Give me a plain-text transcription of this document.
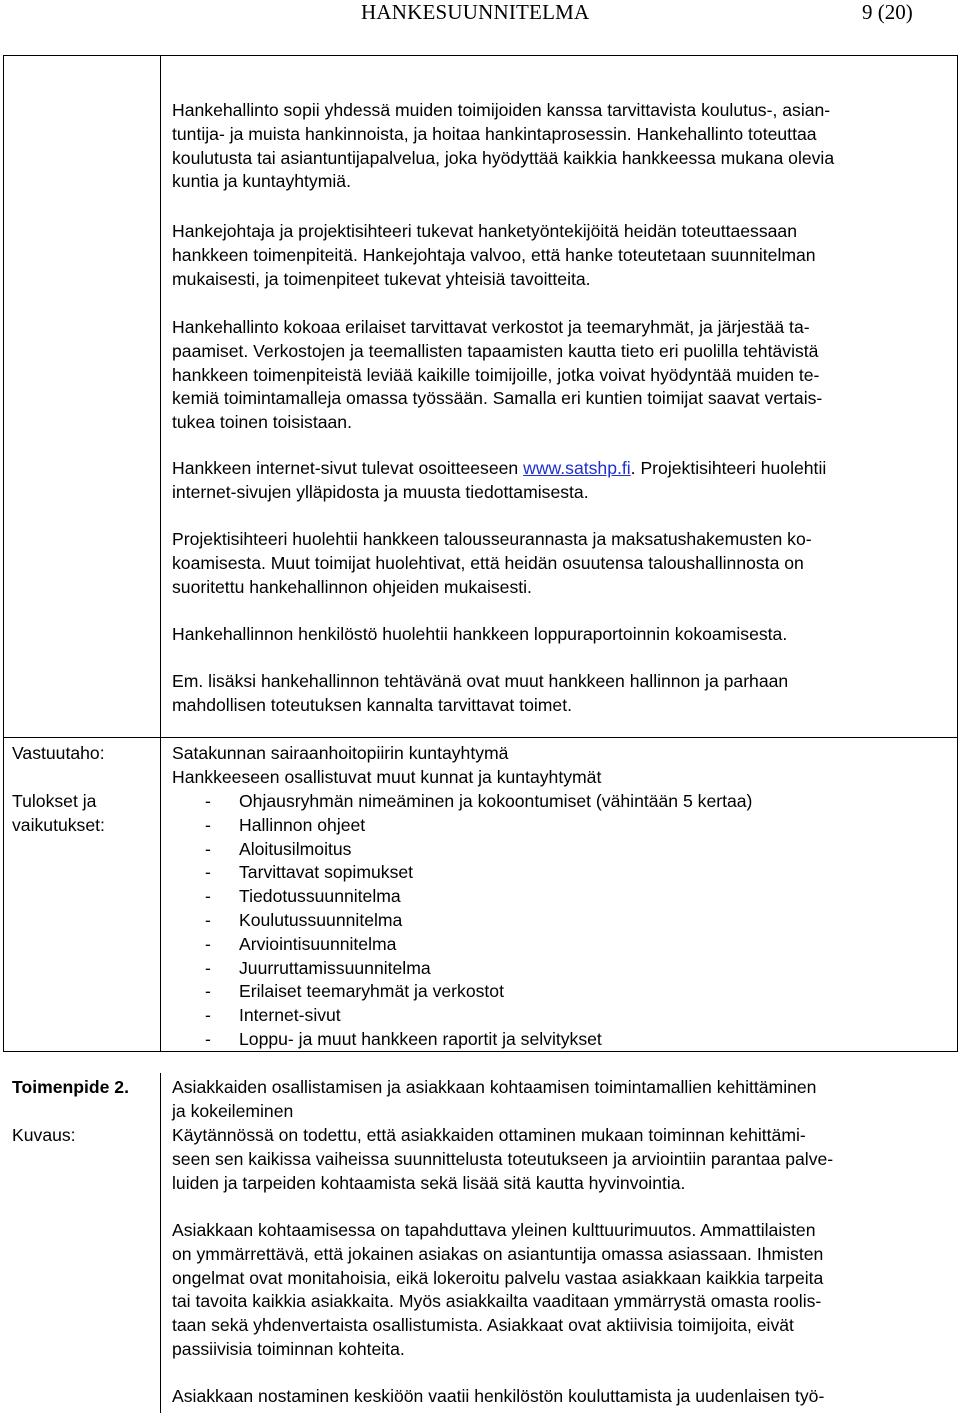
HANKESUUNNITELMA	9 (20)
Hankehallinto sopii yhdessä muiden toimijoiden kanssa tarvittavista koulutus-, asian-
tuntija- ja muista hankinnoista, ja hoitaa hankintaprosessin. Hankehallinto toteuttaa
koulutusta tai asiantuntijapalvelua, joka hyödyttää kaikkia hankkeessa mukana olevia
kuntia ja kuntayhtymiä.
Hankejohtaja ja projektisihteeri tukevat hanketyöntekijöitä heidän toteuttaessaan
hankkeen toimenpiteitä. Hankejohtaja valvoo, että hanke toteutetaan suunnitelman
mukaisesti, ja toimenpiteet tukevat yhteisiä tavoitteita.
Hankehallinto kokoaa erilaiset tarvittavat verkostot ja teemaryhmät, ja järjestää ta-
paamiset. Verkostojen ja teemallisten tapaamisten kautta tieto eri puolilla tehtävistä
hankkeen toimenpiteistä leviää kaikille toimijoille, jotka voivat hyödyntää muiden te-
kemiä toimintamalleja omassa työssään. Samalla eri kuntien toimijat saavat vertais-
tukea toinen toisistaan.
Hankkeen internet-sivut tulevat osoitteeseen www.satshp.fi. Projektisihteeri huolehtii
internet-sivujen ylläpidosta ja muusta tiedottamisesta.
Projektisihteeri huolehtii hankkeen talousseurannasta ja maksatushakemusten ko-
koamisesta. Muut toimijat huolehtivat, että heidän osuutensa taloushallinnosta on
suoritettu hankehallinnon ohjeiden mukaisesti.
Hankehallinnon henkilöstö huolehtii hankkeen loppuraportoinnin kokoamisesta.
Em. lisäksi hankehallinnon tehtävänä ovat muut hankkeen hallinnon ja parhaan
mahdollisen toteutuksen kannalta tarvittavat toimet.
Vastuutaho:	Satakunnan sairaanhoitopiirin kuntayhtymä
Hankkeeseen osallistuvat muut kunnat ja kuntayhtymät
Tulokset ja
vaikutukset:
- Ohjausryhmän nimeäminen ja kokoontumiset (vähintään 5 kertaa)
- Hallinnon ohjeet
- Aloitusilmoitus
- Tarvittavat sopimukset
- Tiedotussuunnitelma
- Koulutussuunnitelma
- Arviointisuunnitelma
- Juurruttamissuunnitelma
- Erilaiset teemaryhmät ja verkostot
- Internet-sivut
- Loppu- ja muut hankkeen raportit ja selvitykset
Toimenpide 2. Asiakkaiden osallistamisen ja asiakkaan kohtaamisen toimintamallien kehittäminen
ja kokeileminen
Kuvaus:	Käytännössä on todettu, että asiakkaiden ottaminen mukaan toiminnan kehittämi-
seen sen kaikissa vaiheissa suunnittelusta toteutukseen ja arviointiin parantaa palve-
luiden ja tarpeiden kohtaamista sekä lisää sitä kautta hyvinvointia.
Asiakkaan kohtaamisessa on tapahduttava yleinen kulttuurimuutos. Ammattilaisten
on ymmärrettävä, että jokainen asiakas on asiantuntija omassa asiassaan. Ihmisten
ongelmat ovat monitahoisia, eikä lokeroitu palvelu vastaa asiakkaan kaikkia tarpeita
tai tavoita kaikkia asiakkaita. Myös asiakkailta vaaditaan ymmärrystä omasta roolis-
taan sekä yhdenvertaista osallistumista. Asiakkaat ovat aktiivisia toimijoita, eivät
passiivisia toiminnan kohteita.
Asiakkaan nostaminen keskiöön vaatii henkilöstön kouluttamista ja uudenlaisen työ-
